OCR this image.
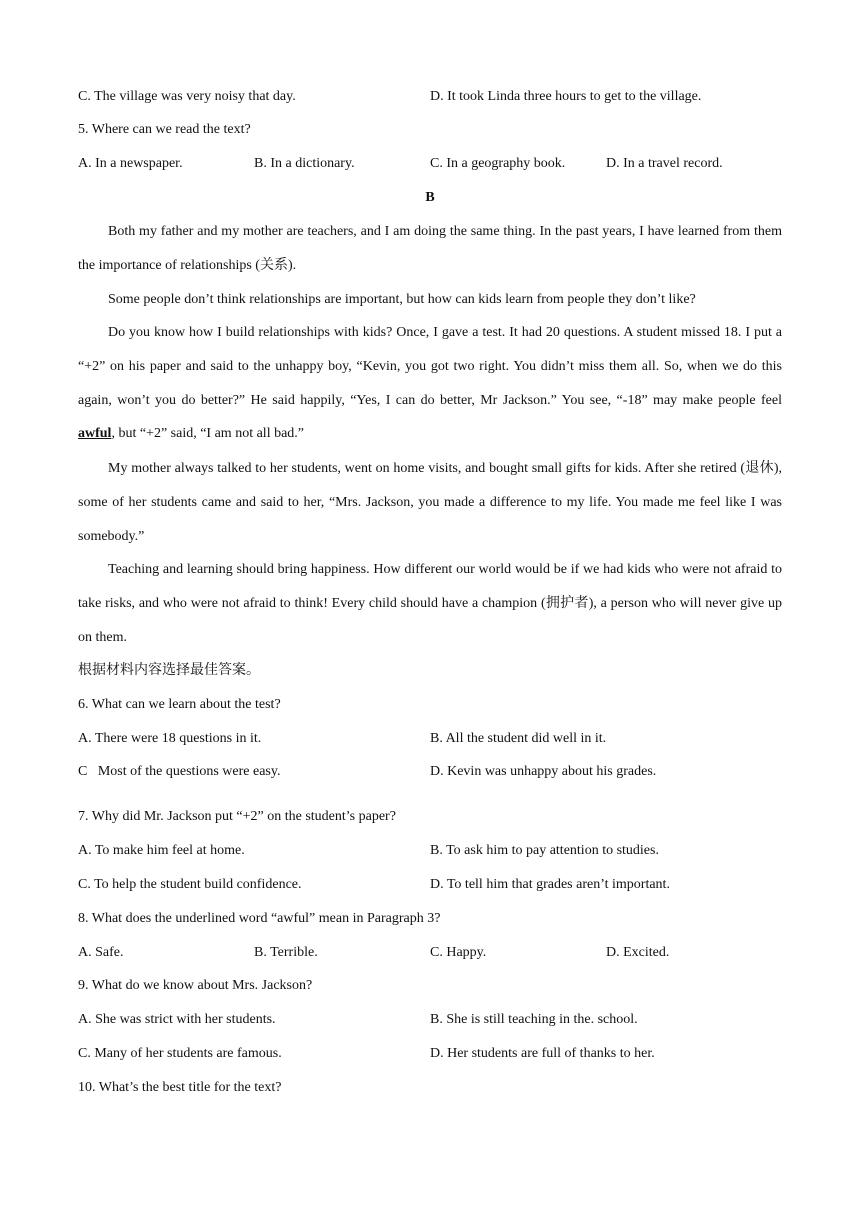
C. The village was very noisy that day.	D. It took Linda three hours to get to the village.
5. Where can we read the text?
A. In a newspaper.	B. In a dictionary.	C. In a geography book.	D. In a travel record.
B
Both my father and my mother are teachers, and I am doing the same thing. In the past years, I have learned from them the importance of relationships (关系).
Some people don’t think relationships are important, but how can kids learn from people they don’t like?
Do you know how I build relationships with kids? Once, I gave a test. It had 20 questions. A student missed 18. I put a “+2” on his paper and said to the unhappy boy, “Kevin, you got two right. You didn’t miss them all. So, when we do this again, won’t you do better?” He said happily, “Yes, I can do better, Mr Jackson.” You see, “-18” may make people feel awful, but “+2” said, “I am not all bad.”
My mother always talked to her students, went on home visits, and bought small gifts for kids. After she retired (退休), some of her students came and said to her, “Mrs. Jackson, you made a difference to my life. You made me feel like I was somebody.”
Teaching and learning should bring happiness. How different our world would be if we had kids who were not afraid to take risks, and who were not afraid to think! Every child should have a champion (拥护者), a person who will never give up on them.
根据材料内容选择最佳答案。
6. What can we learn about the test?
A. There were 18 questions in it.	B. All the student did well in it.
C   Most of the questions were easy.	D. Kevin was unhappy about his grades.
7. Why did Mr. Jackson put “+2” on the student’s paper?
A. To make him feel at home.	B. To ask him to pay attention to studies.
C. To help the student build confidence.	D. To tell him that grades aren’t important.
8. What does the underlined word “awful” mean in Paragraph 3?
A. Safe.	B. Terrible.	C. Happy.	D. Excited.
9. What do we know about Mrs. Jackson?
A. She was strict with her students.	B. She is still teaching in the. school.
C. Many of her students are famous.	D. Her students are full of thanks to her.
10. What’s the best title for the text?
